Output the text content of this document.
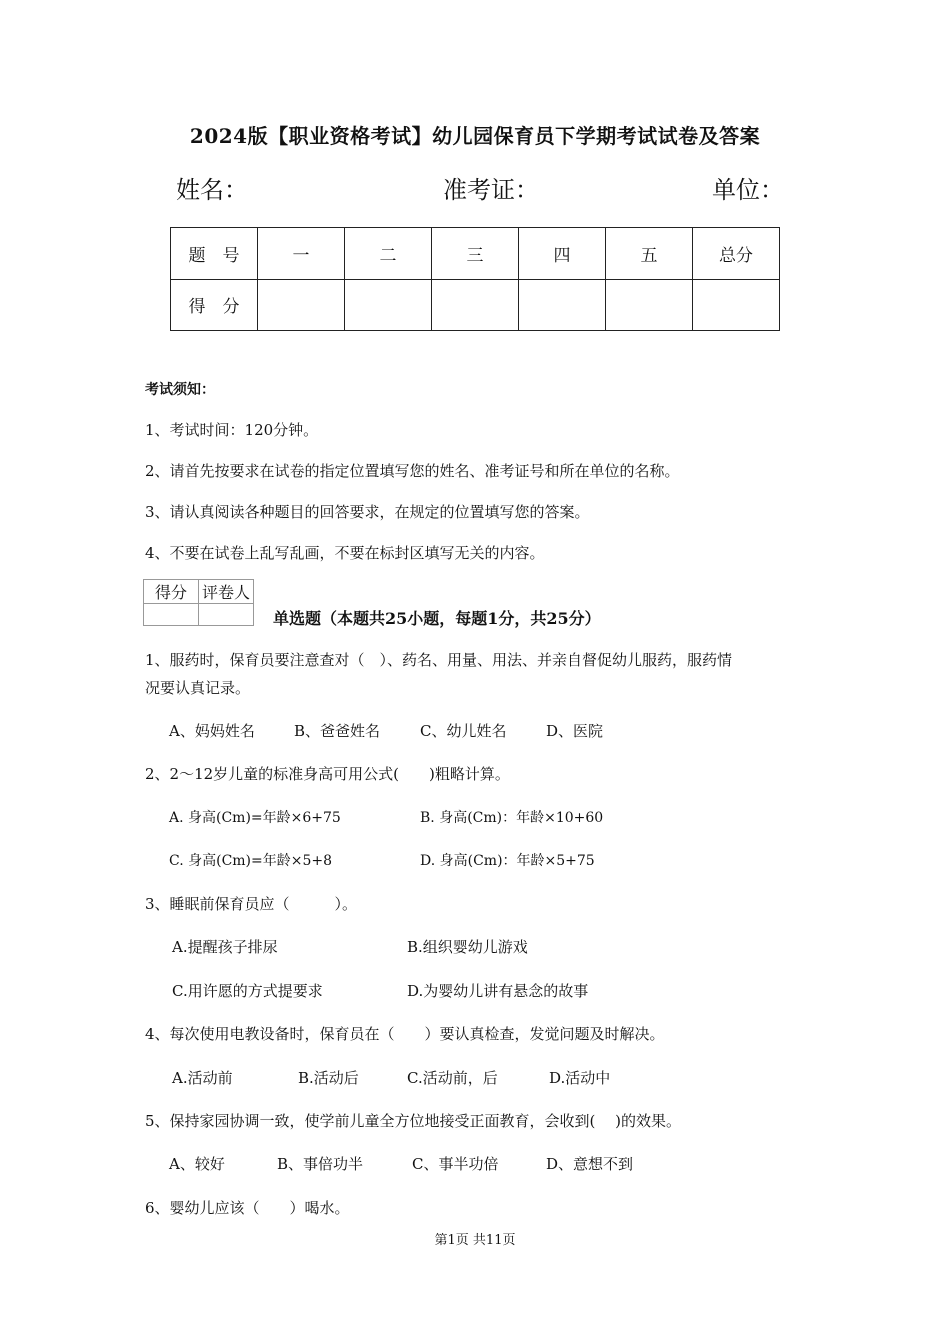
2024版【职业资格考试】幼儿园保育员下学期考试试卷及答案
姓名：	准考证：	单位：
题　号	一	二	三	四	五	总分
得　分						
考试须知：
1、考试时间：120分钟。
2、请首先按要求在试卷的指定位置填写您的姓名、准考证号和所在单位的名称。
3、请认真阅读各种题目的回答要求，在规定的位置填写您的答案。
4、不要在试卷上乱写乱画，不要在标封区填写无关的内容。
得分	评卷人

单选题（本题共25小题，每题1分，共25分）
1、服药时，保育员要注意查对（　）、药名、用量、用法、并亲自督促幼儿服药，服药情
况要认真记录。
A、妈妈姓名	B、爸爸姓名	C、幼儿姓名	D、医院
2、2～12岁儿童的标准身高可用公式(　　)粗略计算。
A. 身高(Cm)=年龄×6+75	B. 身高(Cm)：年龄×10+60
C. 身高(Cm)=年龄×5+8	D. 身高(Cm)：年龄×5+75
3、睡眠前保育员应（　　　）。
A.提醒孩子排尿	B.组织婴幼儿游戏
C.用许愿的方式提要求	D.为婴幼儿讲有悬念的故事
4、每次使用电教设备时，保育员在（　　）要认真检查，发觉问题及时解决。
A.活动前	B.活动后	C.活动前，后	D.活动中
5、保持家园协调一致，使学前儿童全方位地接受正面教育，会收到(　 )的效果。
A、较好	B、事倍功半	C、事半功倍	D、意想不到
6、婴幼儿应该（　　）喝水。
第1页 共11页
